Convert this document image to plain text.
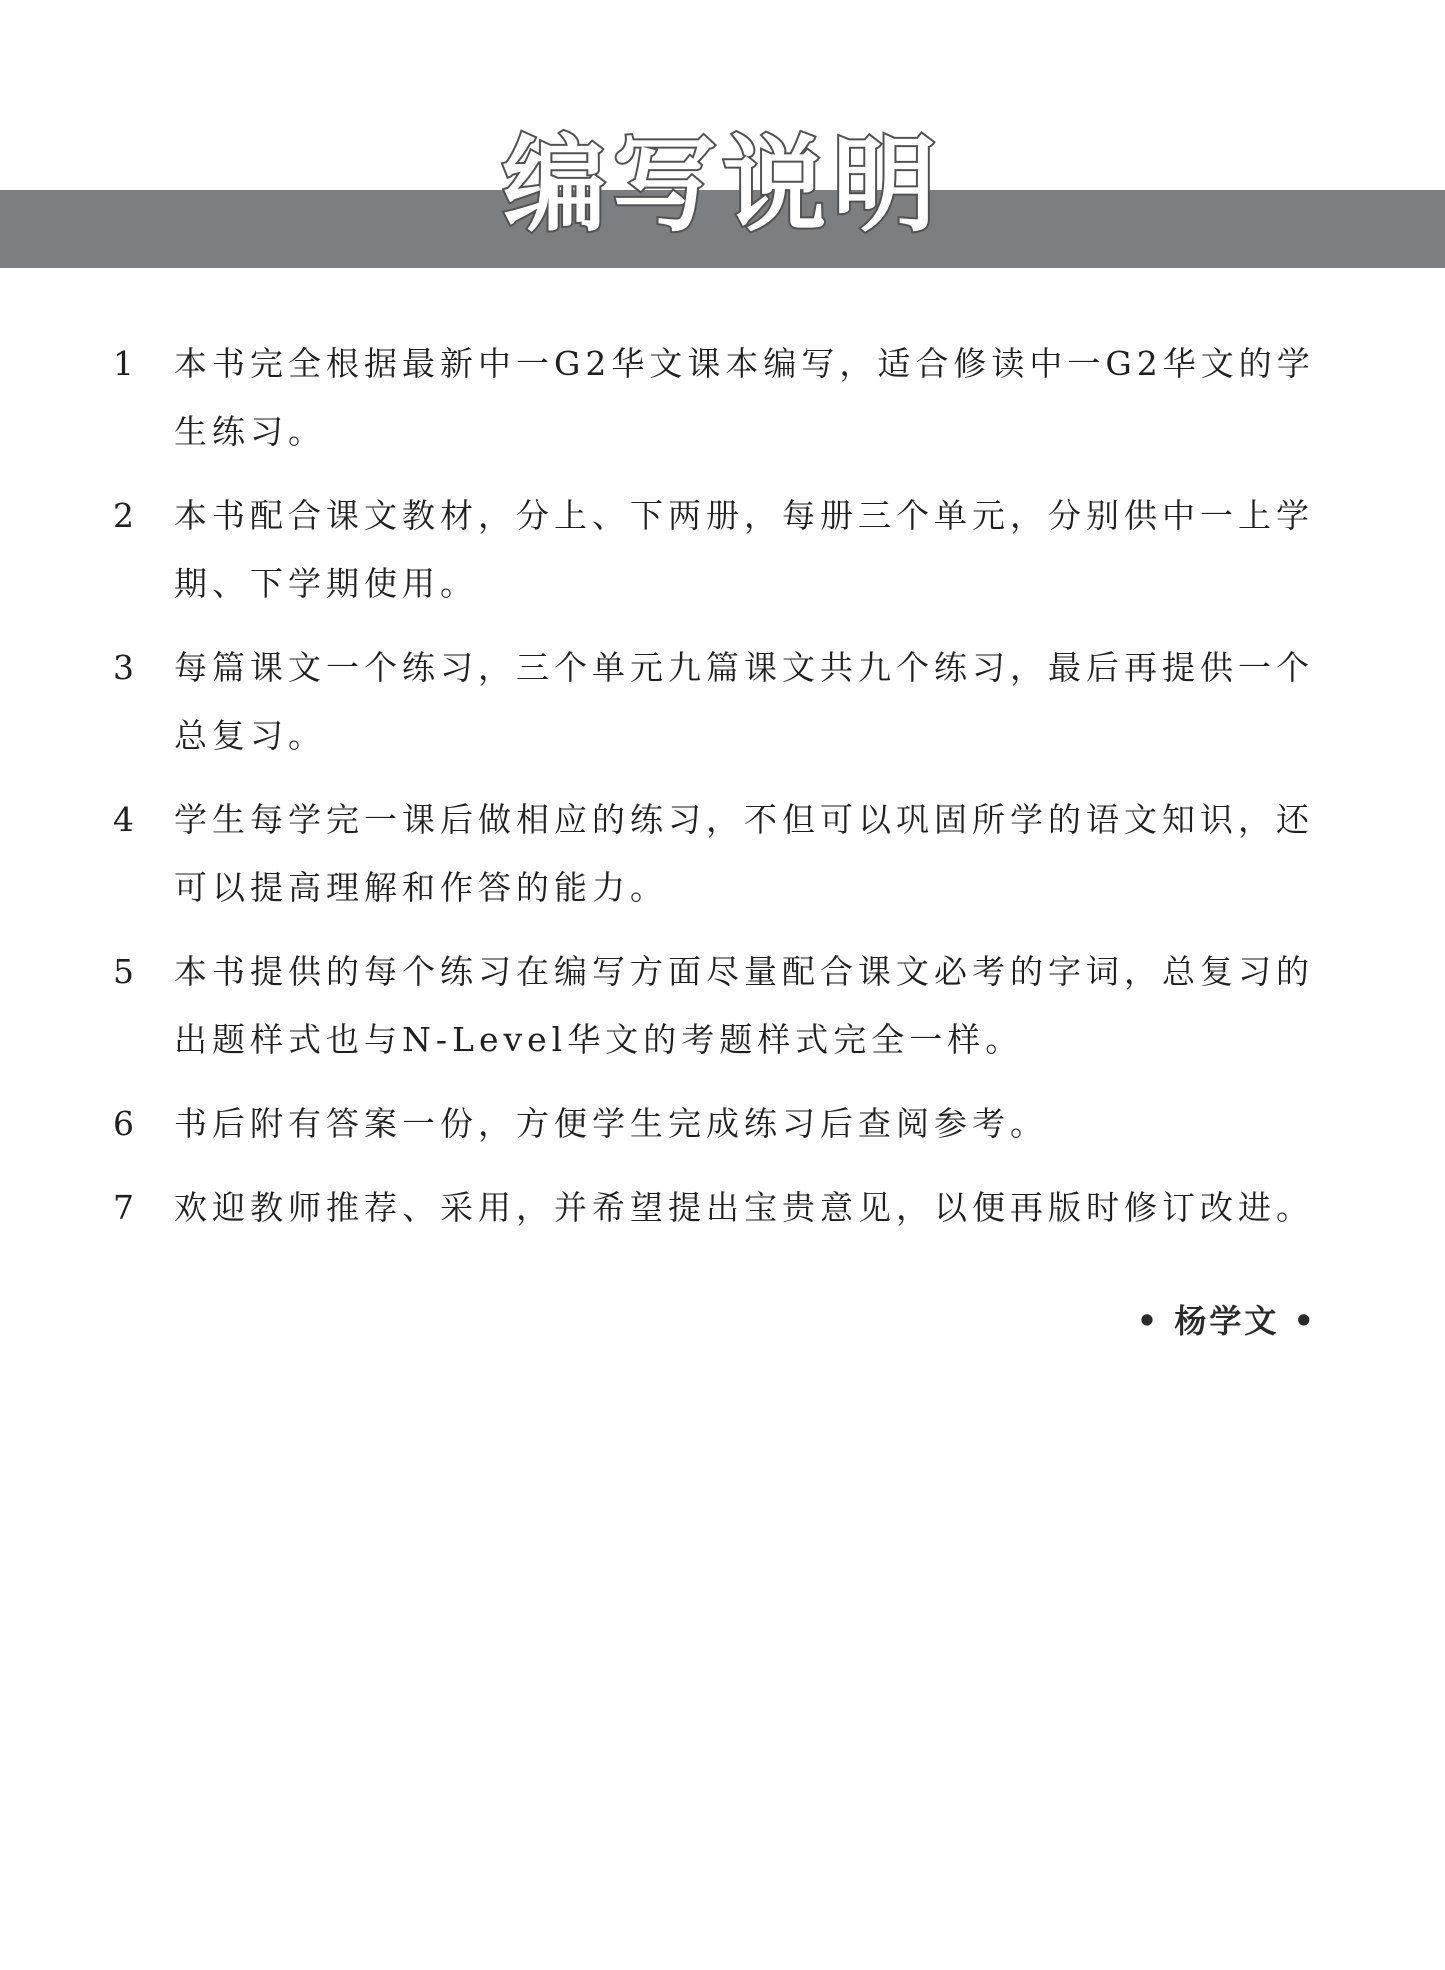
编写说明
1 本书完全根据最新中一G2华文课本编写，适合修读中一G2华文的学生练习。
2 本书配合课文教材，分上、下两册，每册三个单元，分别供中一上学期、下学期使用。
3 每篇课文一个练习，三个单元九篇课文共九个练习，最后再提供一个总复习。
4 学生每学完一课后做相应的练习，不但可以巩固所学的语文知识，还可以提高理解和作答的能力。
5 本书提供的每个练习在编写方面尽量配合课文必考的字词，总复习的出题样式也与N-Level华文的考题样式完全一样。
6 书后附有答案一份，方便学生完成练习后查阅参考。
7 欢迎教师推荐、采用，并希望提出宝贵意见，以便再版时修订改进。
• 杨学文 •
